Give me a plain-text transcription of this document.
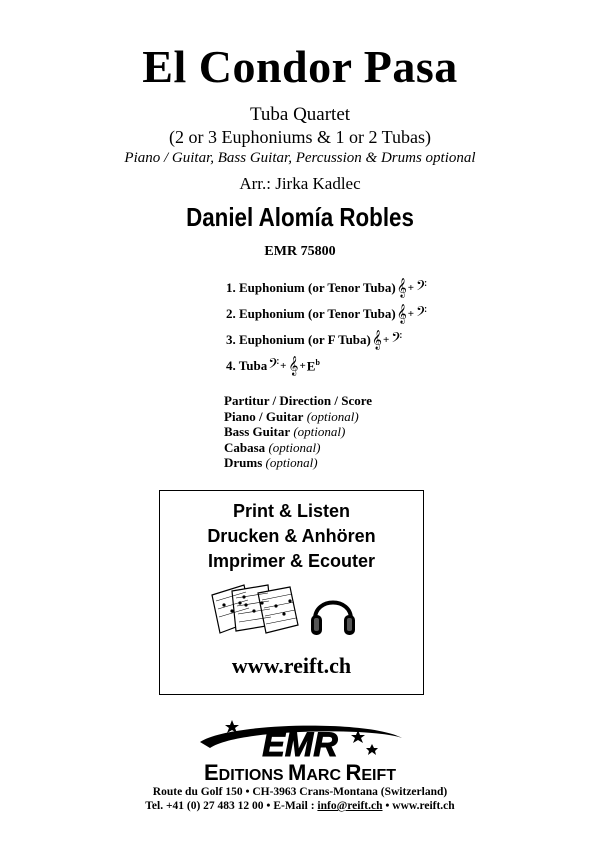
El Condor Pasa
Tuba Quartet
(2 or 3 Euphoniums & 1 or 2 Tubas)
Piano / Guitar, Bass Guitar, Percussion & Drums optional
Arr.: Jirka Kadlec
Daniel Alomía Robles
EMR 75800
1. Euphonium (or Tenor Tuba) 𝄞 + 𝄢
2. Euphonium (or Tenor Tuba) 𝄞 + 𝄢
3. Euphonium (or F Tuba) 𝄞 + 𝄢
4. Tuba 𝄢 + 𝄞 + $E^b$
Partitur / Direction / Score
Piano / Guitar (optional)
Bass Guitar (optional)
Cabasa (optional)
Drums (optional)
Print & Listen
Drucken & Anhören
Imprimer & Ecouter
www.reift.ch
EMR
EDITIONS MARC REIFT
Route du Golf 150 • CH-3963 Crans-Montana (Switzerland)
Tel. +41 (0) 27 483 12 00 • E-Mail : info@reift.ch • www.reift.ch
